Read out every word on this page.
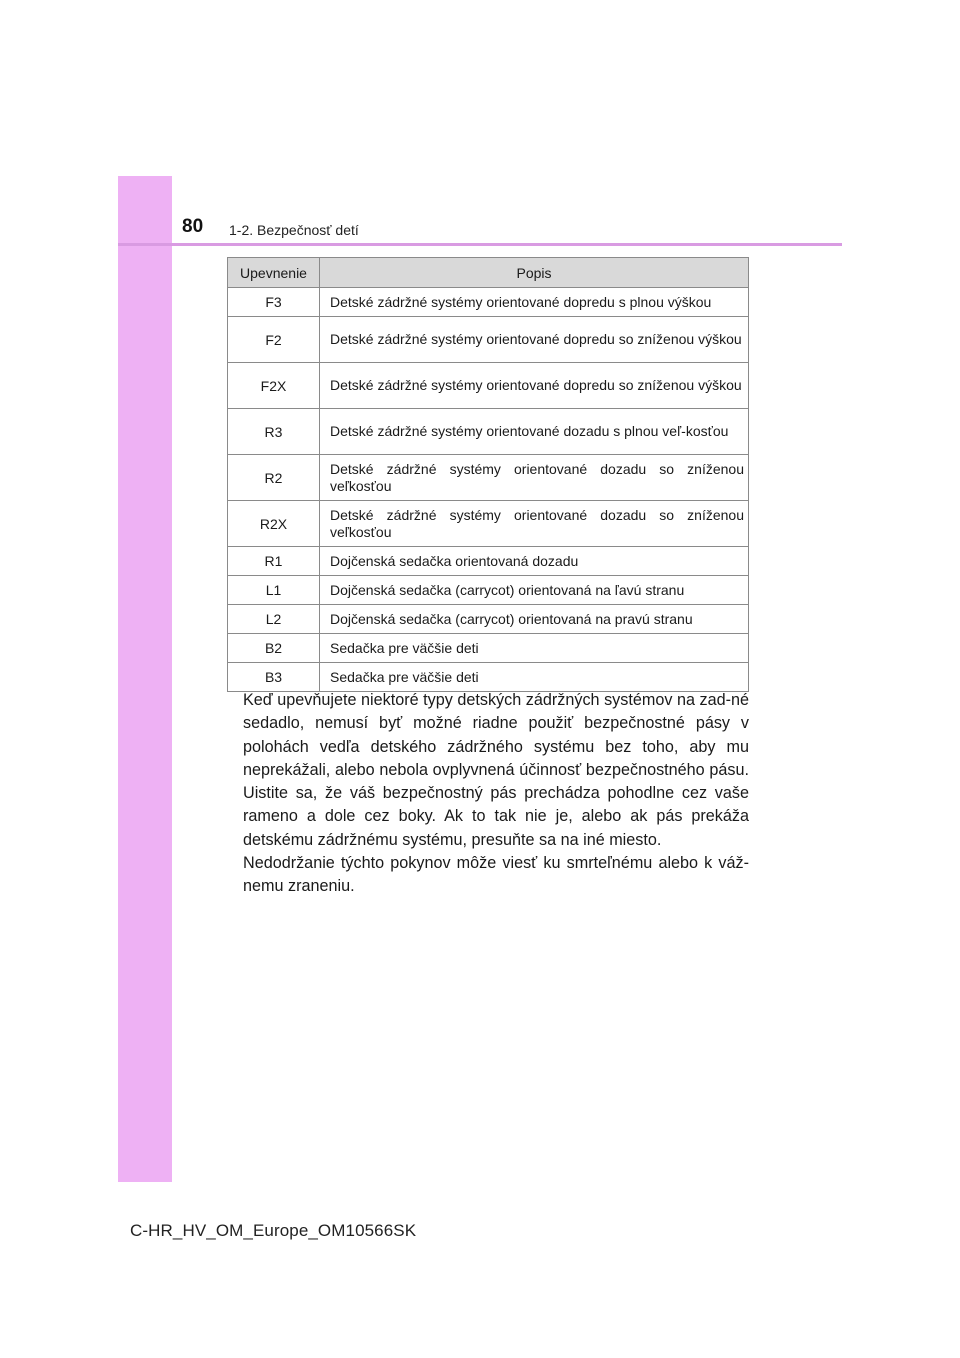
80 1-2. Bezpečnosť detí
Upevnenie	Popis
F3	Detské zádržné systémy orientované dopredu s plnou výškou
F2	Detské zádržné systémy orientované dopredu so zníženou výškou
F2X	Detské zádržné systémy orientované dopredu so zníženou výškou
R3	Detské zádržné systémy orientované dozadu s plnou veľ-kosťou
R2	Detské zádržné systémy orientované dozadu so zníženou veľkosťou
R2X	Detské zádržné systémy orientované dozadu so zníženou veľkosťou
R1	Dojčenská sedačka orientovaná dozadu
L1	Dojčenská sedačka (carrycot) orientovaná na ľavú stranu
L2	Dojčenská sedačka (carrycot) orientovaná na pravú stranu
B2	Sedačka pre väčšie deti
B3	Sedačka pre väčšie deti
Keď upevňujete niektoré typy detských zádržných systémov na zad-né sedadlo, nemusí byť možné riadne použiť bezpečnostné pásy v polohách vedľa detského zádržného systému bez toho, aby mu neprekážali, alebo nebola ovplyvnená účinnosť bezpečnostného pásu. Uistite sa, že váš bezpečnostný pás prechádza pohodlne cez vaše rameno a dole cez boky. Ak to tak nie je, alebo ak pás prekáža detskému zádržnému systému, presuňte sa na iné miesto.
Nedodržanie týchto pokynov môže viesť ku smrteľnému alebo k váž-nemu zraneniu.
C-HR_HV_OM_Europe_OM10566SK
